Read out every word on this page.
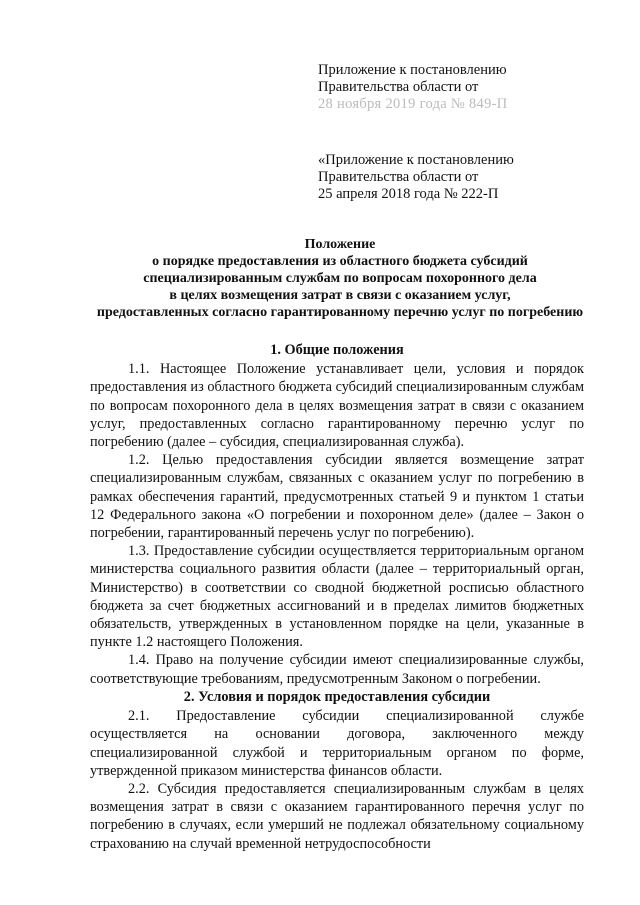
Приложение к постановлению
Правительства области от
28 ноября 2019 года № 849-П
«Приложение к постановлению
Правительства области от
25 апреля 2018 года № 222-П
Положение
о порядке предоставления из областного бюджета субсидий
специализированным службам по вопросам похоронного дела
в целях возмещения затрат в связи с оказанием услуг,
предоставленных согласно гарантированному перечню услуг по погребению
1. Общие положения

1.1. Настоящее Положение устанавливает цели, условия и порядок предоставления из областного бюджета субсидий специализированным службам по вопросам похоронного дела в целях возмещения затрат в связи с оказанием услуг, предоставленных согласно гарантированному перечню услуг по погребению (далее – субсидия, специализированная служба).

1.2. Целью предоставления субсидии является возмещение затрат специализированным службам, связанных с оказанием услуг по погребению в рамках обеспечения гарантий, предусмотренных статьей 9 и пунктом 1 статьи 12 Федерального закона «О погребении и похоронном деле» (далее – Закон о погребении, гарантированный перечень услуг по погребению).

1.3. Предоставление субсидии осуществляется территориальным органом министерства социального развития области (далее – территориальный орган, Министерство) в соответствии со сводной бюджетной росписью областного бюджета за счет бюджетных ассигнований и в пределах лимитов бюджетных обязательств, утвержденных в установленном порядке на цели, указанные в пункте 1.2 настоящего Положения.

1.4. Право на получение субсидии имеют специализированные службы, соответствующие требованиям, предусмотренным Законом о погребении.

2. Условия и порядок предоставления субсидии

2.1. Предоставление субсидии специализированной службе осуществляется на основании договора, заключенного между специализированной службой и территориальным органом по форме, утвержденной приказом министерства финансов области.

2.2. Субсидия предоставляется специализированным службам в целях возмещения затрат в связи с оказанием гарантированного перечня услуг по погребению в случаях, если умерший не подлежал обязательному социальному страхованию на случай временной нетрудоспособности
